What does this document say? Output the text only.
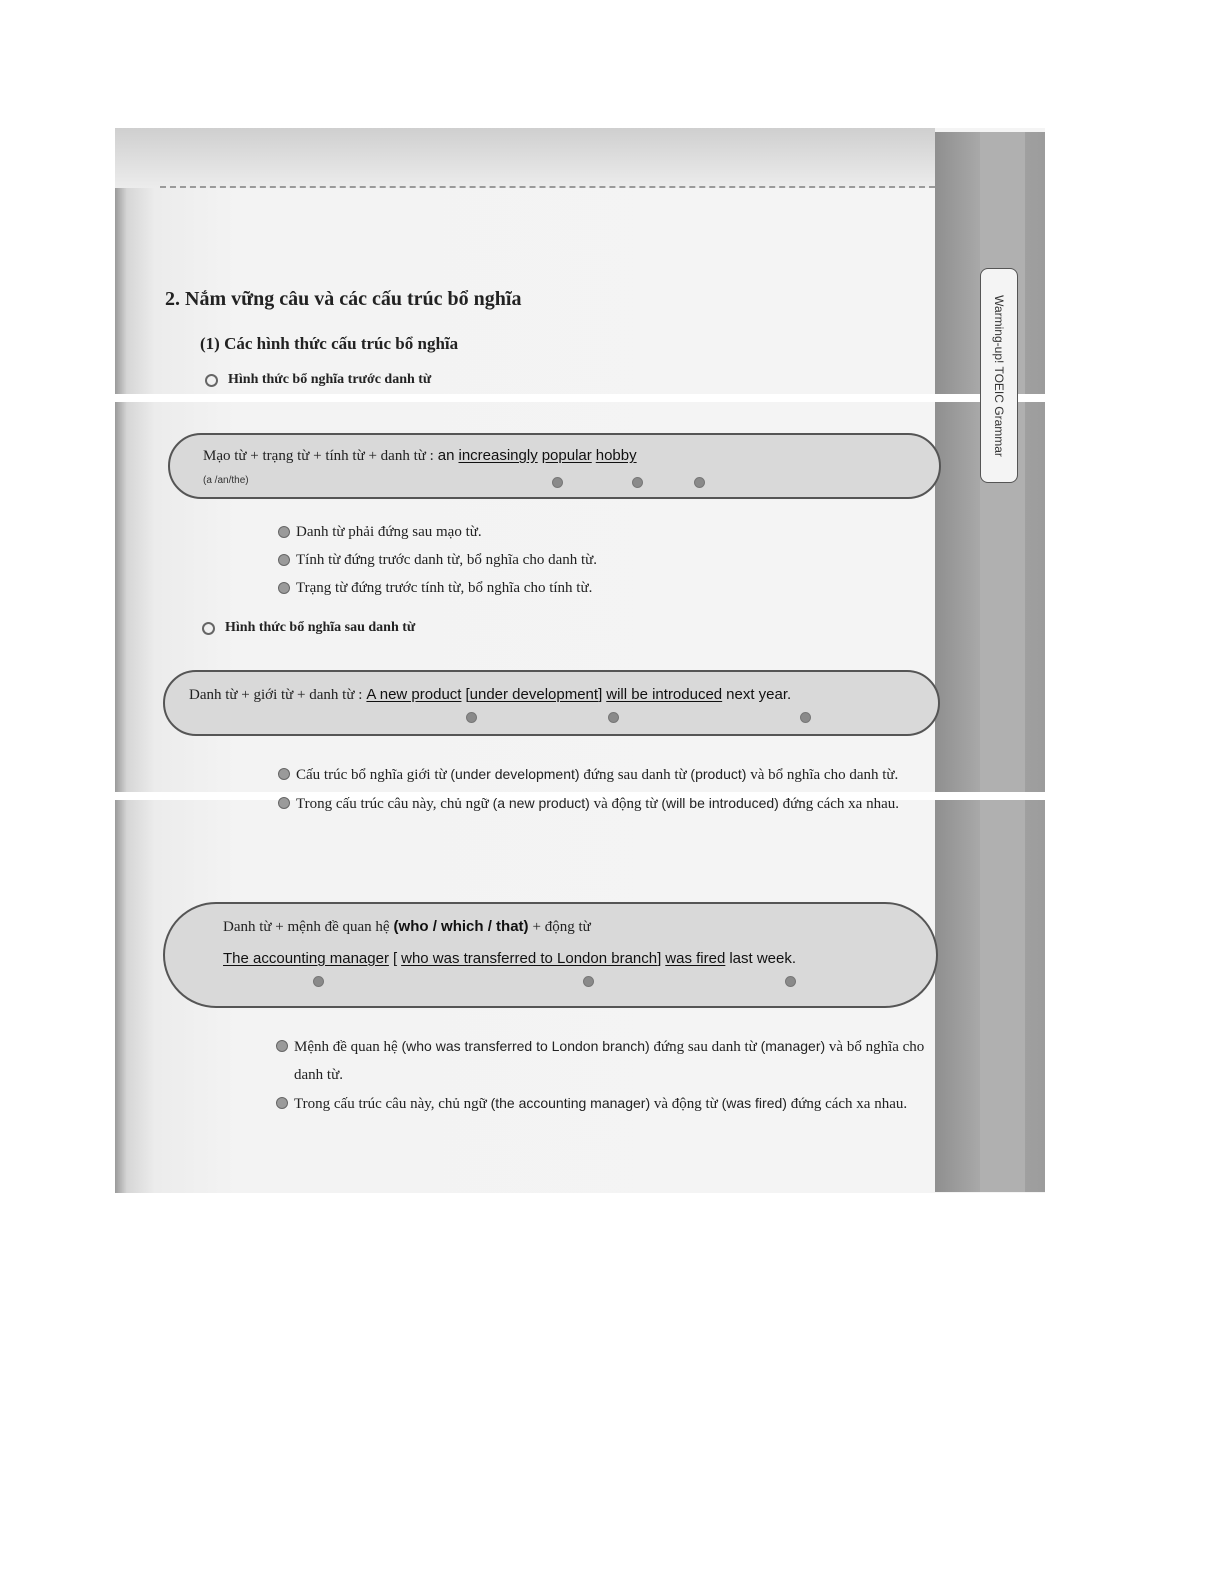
Warming-up! TOEIC Grammar
2. Nắm vững câu và các cấu trúc bổ nghĩa
(1) Các hình thức cấu trúc bổ nghĩa
Hình thức bổ nghĩa trước danh từ
Mạo từ + trạng từ + tính từ + danh từ : an increasingly popular hobby
(a /an/the)
Danh từ phải đứng sau mạo từ.
Tính từ đứng trước danh từ, bổ nghĩa cho danh từ.
Trạng từ đứng trước tính từ, bổ nghĩa cho tính từ.
Hình thức bổ nghĩa sau danh từ
Danh từ + giới từ + danh từ : A new product [under development] will be introduced next year.
Cấu trúc bổ nghĩa giới từ (under development) đứng sau danh từ (product) và bổ nghĩa cho danh từ.
Trong cấu trúc câu này, chủ ngữ (a new product) và động từ (will be introduced) đứng cách xa nhau.
Danh từ + mệnh đề quan hệ (who / which / that) + động từ
The accounting manager [ who was transferred to London branch] was fired last week.
Mệnh đề quan hệ (who was transferred to London branch) đứng sau danh từ (manager) và bổ nghĩa cho danh từ.
Trong cấu trúc câu này, chủ ngữ (the accounting manager) và động từ (was fired) đứng cách xa nhau.
